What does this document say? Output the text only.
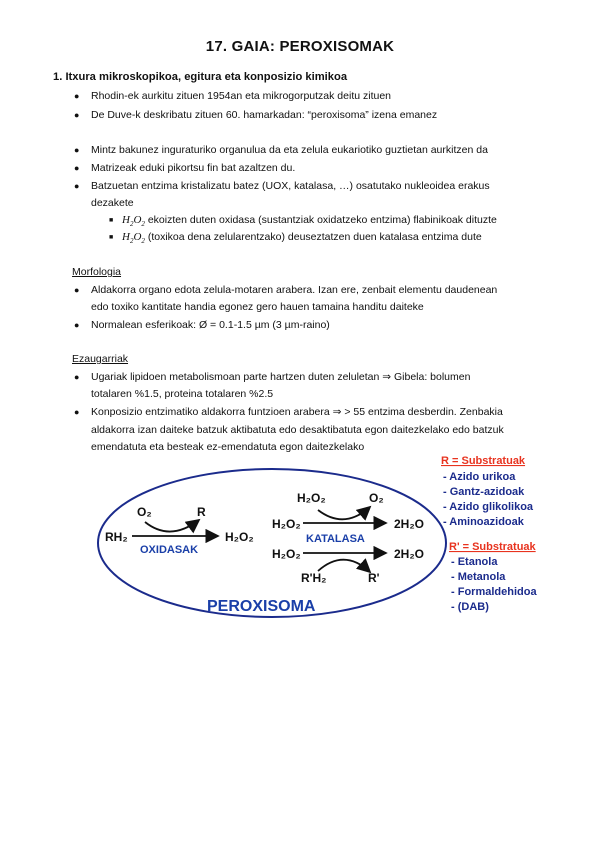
17. GAIA: PEROXISOMAK
1. Itxura mikroskopikoa, egitura eta konposizio kimikoa
● Rhodin-ek aurkitu zituen 1954an eta mikrogorputzak deitu zituen
● De Duve-k deskribatu zituen 60. hamarkadan: “peroxisoma” izena emanez
● Mintz bakunez inguraturiko organulua da eta zelula eukariotiko guztietan aurkitzen da
● Matrizeak eduki pikortsu fin bat azaltzen du.
● Batzuetan entzima kristalizatu batez (UOX, katalasa, …) osatutako nukleoidea erakus
dezakete
■ $H_2O_2$ ekoizten duten oxidasa (sustantziak oxidatzeko entzima) flabinikoak dituzte
■ $H_2O_2$ (toxikoa dena zelularentzako) deuseztatzen duen katalasa entzima dute
Morfologia
● Aldakorra organo edota zelula-motaren arabera. Izan ere, zenbait elementu daudenean
edo toxiko kantitate handia egonez gero hauen tamaina handitu daiteke
● Normalean esferikoak: Ø = 0.1-1.5 µm (3 µm-raino)
Ezaugarriak
● Ugariak lipidoen metabolismoan parte hartzen duten zeluletan ⇒ Gibela: bolumen
totalaren %1.5, proteina totalaren %2.5
● Konposizio entzimatiko aldakorra funtzioen arabera ⇒ > 55 entzima desberdin. Zenbakia
aldakorra izan daiteke batzuk aktibatuta edo desaktibatuta egon daitezkelako edo batzuk
emendatuta eta besteak ez-emendatuta egon daitezkelako
RH₂
O₂	R
H₂O₂
H₂O₂	O₂
H₂O₂	2H₂O
H₂O₂	2H₂O
R'H₂	R'
OXIDASAK
KATALASA
PEROXISOMA
R = Substratuak
- Azido urikoa
- Gantz-azidoak
- Azido glikolikoa
- Aminoazidoak
R' = Substratuak
- Etanola
- Metanola
- Formaldehidoa
- (DAB)
